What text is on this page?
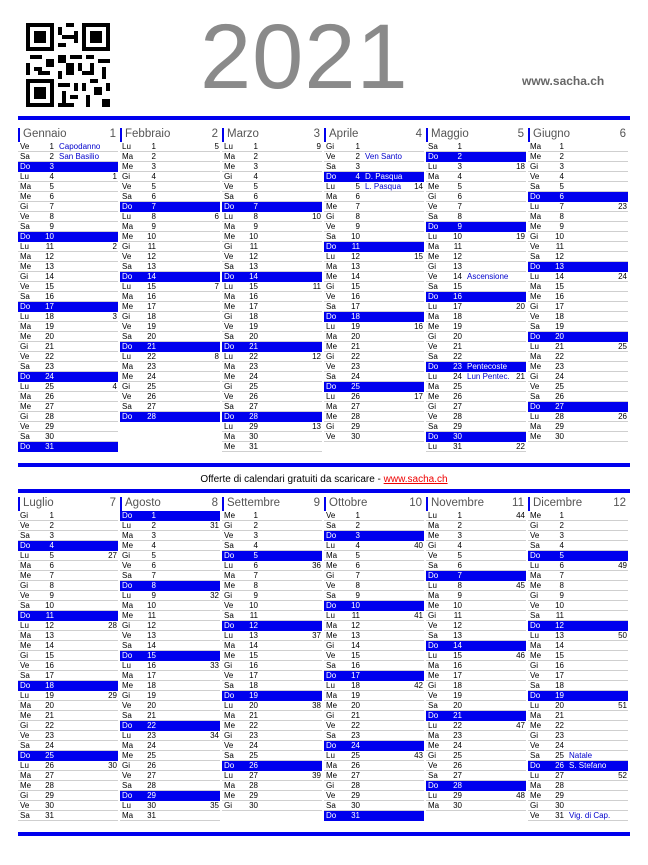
2021	www.sacha.ch
Gennaio	1
Ve	1 Capodanno
Sa	2 San Basilio
Do	3
Lu	4	1
Ma	5
Me	6
Gi	7
Ve	8
Sa	9
Do	10
Lu	11	2
Ma	12
Me	13
Gi	14
Ve	15
Sa	16
Do	17
Lu	18	3
Ma	19
Me	20
Gi	21
Ve	22
Sa	23
Do	24
Lu	25	4
Ma	26
Me	27
Gi	28
Ve	29
Sa	30
Do	31
Febbraio	2
Lu	1	5
Ma	2
Me	3
Gi	4
Ve	5
Sa	6
Do	7
Lu	8	6
Ma	9
Me	10
Gi	11
Ve	12
Sa	13
Do	14
Lu	15	7
Ma	16
Me	17
Gi	18
Ve	19
Sa	20
Do	21
Lu	22	8
Ma	23
Me	24
Gi	25
Ve	26
Sa	27
Do	28
Marzo	3
Lu	1	9
Ma	2
Me	3
Gi	4
Ve	5
Sa	6
Do	7
Lu	8	10
Ma	9
Me	10
Gi	11
Ve	12
Sa	13
Do	14
Lu	15	11
Ma	16
Me	17
Gi	18
Ve	19
Sa	20
Do	21
Lu	22	12
Ma	23
Me	24
Gi	25
Ve	26
Sa	27
Do	28
Lu	29	13
Ma	30
Me	31
Aprile	4
Gi	1
Ve	2 Ven Santo
Sa	3
Do	4 D. Pasqua
Lu	5 L. Pasqua 14
Ma	6
Me	7
Gi	8
Ve	9
Sa	10
Do	11
Lu	12	15
Ma	13
Me	14
Gi	15
Ve	16
Sa	17
Do	18
Lu	19	16
Ma	20
Me	21
Gi	22
Ve	23
Sa	24
Do	25
Lu	26	17
Ma	27
Me	28
Gi	29
Ve	30
Maggio	5
Sa	1
Do	2
Lu	3	18
Ma	4
Me	5
Gi	6
Ve	7
Sa	8
Do	9
Lu	10	19
Ma	11
Me	12
Gi	13
Ve	14 Ascensione
Sa	15
Do	16
Lu	17	20
Ma	18
Me	19
Gi	20
Ve	21
Sa	22
Do	23 Pentecoste
Lu	24 Lun Pentec. 21
Ma	25
Me	26
Gi	27
Ve	28
Sa	29
Do	30
Lu	31	22
Giugno	6
Ma	1
Me	2
Gi	3
Ve	4
Sa	5
Do	6
Lu	7	23
Ma	8
Me	9
Gi	10
Ve	11
Sa	12
Do	13
Lu	14	24
Ma	15
Me	16
Gi	17
Ve	18
Sa	19
Do	20
Lu	21	25
Ma	22
Me	23
Gi	24
Ve	25
Sa	26
Do	27
Lu	28	26
Ma	29
Me	30
Offerte di calendari gratuiti da scaricare - www.sacha.ch
Luglio	7
Gi	1
Ve	2
Sa	3
Do	4
Lu	5	27
Ma	6
Me	7
Gi	8
Ve	9
Sa	10
Do	11
Lu	12	28
Ma	13
Me	14
Gi	15
Ve	16
Sa	17
Do	18
Lu	19	29
Ma	20
Me	21
Gi	22
Ve	23
Sa	24
Do	25
Lu	26	30
Ma	27
Me	28
Gi	29
Ve	30
Sa	31
Agosto	8
Do	1
Lu	2	31
Ma	3
Me	4
Gi	5
Ve	6
Sa	7
Do	8
Lu	9	32
Ma	10
Me	11
Gi	12
Ve	13
Sa	14
Do	15
Lu	16	33
Ma	17
Me	18
Gi	19
Ve	20
Sa	21
Do	22
Lu	23	34
Ma	24
Me	25
Gi	26
Ve	27
Sa	28
Do	29
Lu	30	35
Ma	31
Settembre	9
Me	1
Gi	2
Ve	3
Sa	4
Do	5
Lu	6	36
Ma	7
Me	8
Gi	9
Ve	10
Sa	11
Do	12
Lu	13	37
Ma	14
Me	15
Gi	16
Ve	17
Sa	18
Do	19
Lu	20	38
Ma	21
Me	22
Gi	23
Ve	24
Sa	25
Do	26
Lu	27	39
Ma	28
Me	29
Gi	30
Ottobre	10
Ve	1
Sa	2
Do	3
Lu	4	40
Ma	5
Me	6
Gi	7
Ve	8
Sa	9
Do	10
Lu	11	41
Ma	12
Me	13
Gi	14
Ve	15
Sa	16
Do	17
Lu	18	42
Ma	19
Me	20
Gi	21
Ve	22
Sa	23
Do	24
Lu	25	43
Ma	26
Me	27
Gi	28
Ve	29
Sa	30
Do	31
Novembre 11
Lu	1	44
Ma	2
Me	3
Gi	4
Ve	5
Sa	6
Do	7
Lu	8	45
Ma	9
Me	10
Gi	11
Ve	12
Sa	13
Do	14
Lu	15	46
Ma	16
Me	17
Gi	18
Ve	19
Sa	20
Do	21
Lu	22	47
Ma	23
Me	24
Gi	25
Ve	26
Sa	27
Do	28
Lu	29	48
Ma	30
Dicembre	12
Me	1
Gi	2
Ve	3
Sa	4
Do	5
Lu	6	49
Ma	7
Me	8
Gi	9
Ve	10
Sa	11
Do	12
Lu	13	50
Ma	14
Me	15
Gi	16
Ve	17
Sa	18
Do	19
Lu	20	51
Ma	21
Me	22
Gi	23
Ve	24
Sa	25 Natale
Do	26 S. Stefano
Lu	27	52
Ma	28
Me	29
Gi	30
Ve	31 Vig. di Cap.
